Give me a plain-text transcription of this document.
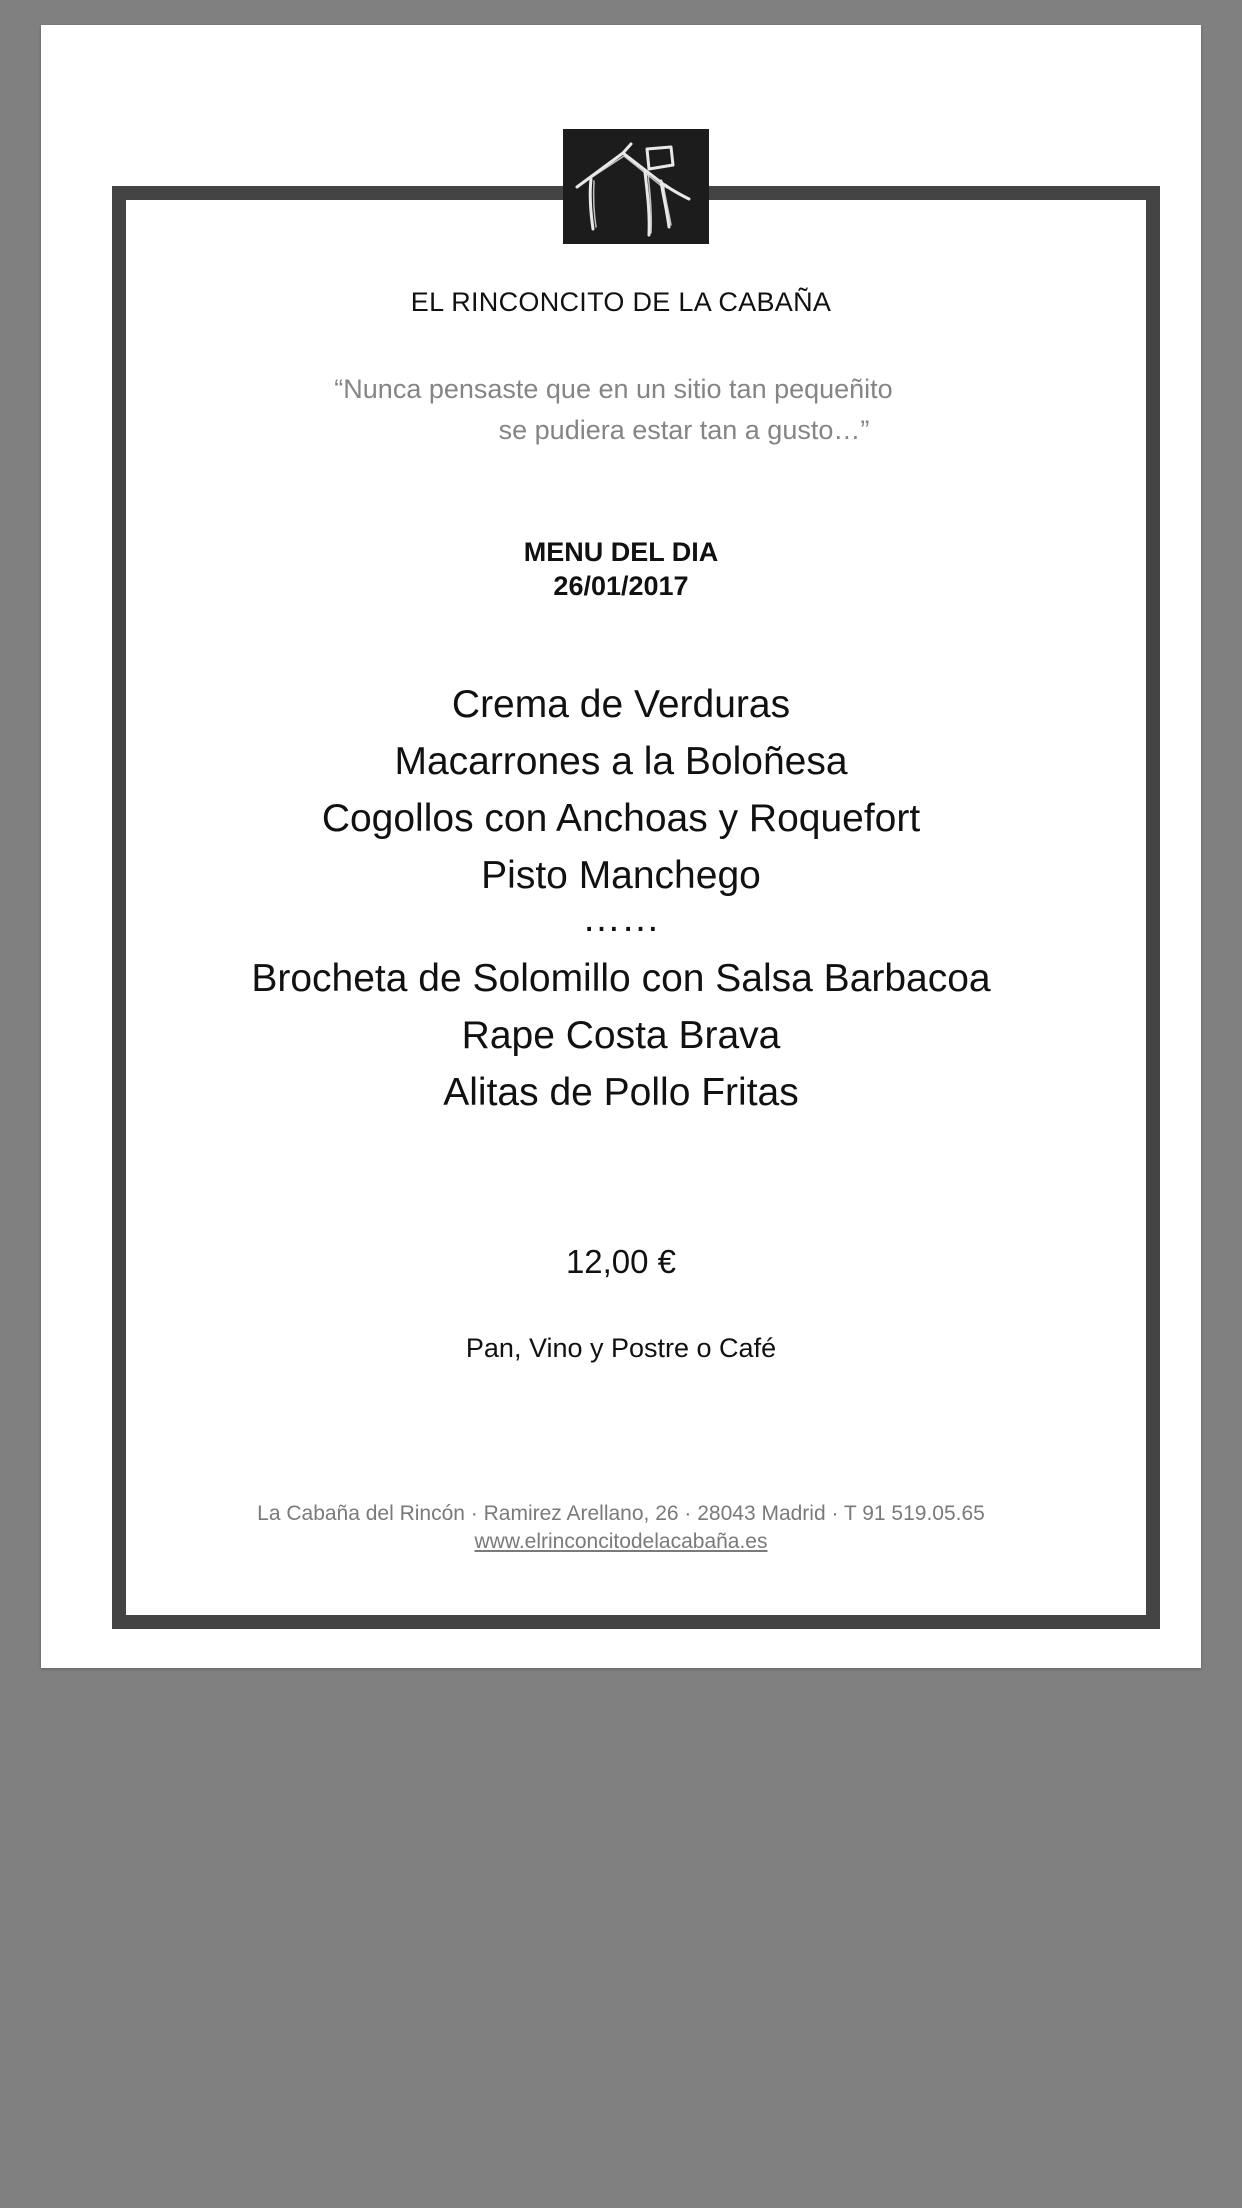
EL RINCONCITO DE LA CABAÑA
“Nunca pensaste que en un sitio tan pequeñito
se pudiera estar tan a gusto…”
MENU DEL DIA
26/01/2017
Crema de Verduras
Macarrones a la Boloñesa
Cogollos con Anchoas y Roquefort
Pisto Manchego
……
Brocheta de Solomillo con Salsa Barbacoa
Rape Costa Brava
Alitas de Pollo Fritas
12,00 €
Pan, Vino y Postre o Café
La Cabaña del Rincón · Ramirez Arellano, 26 · 28043 Madrid · T 91 519.05.65
www.elrinconcitodelacabaña.es
